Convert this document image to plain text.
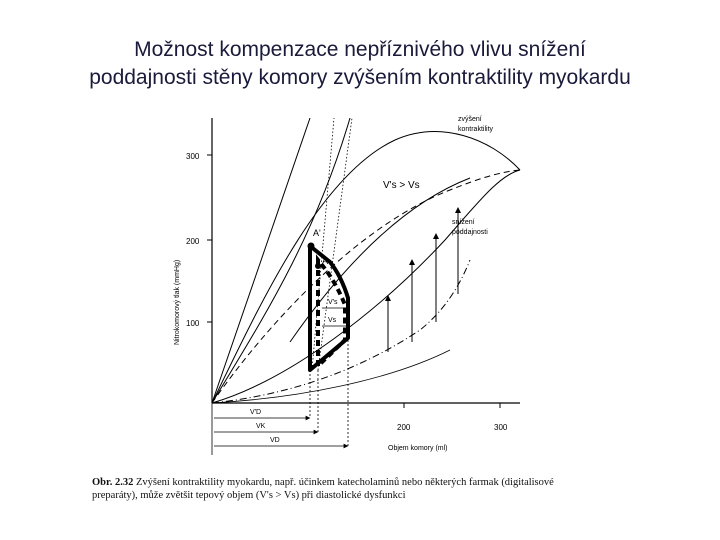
Možnost kompenzace nepříznivého vlivu snížení
poddajnosti stěny komory zvýšením kontraktility myokardu
100
200
300
200	300
Nitrokomorový tlak (mmHg)
Objem komory (ml)
zvýšení
kontraktility
snížení
poddajnosti
V's > Vs
A'
A
V's
Vs
V'D
VK
VD
Obr. 2.32 Zvýšení kontraktility myokardu, např. účinkem katecholaminů nebo některých farmak (digitalisové preparáty), může zvětšit tepový objem (V's > Vs) při diastolické dysfunkci
